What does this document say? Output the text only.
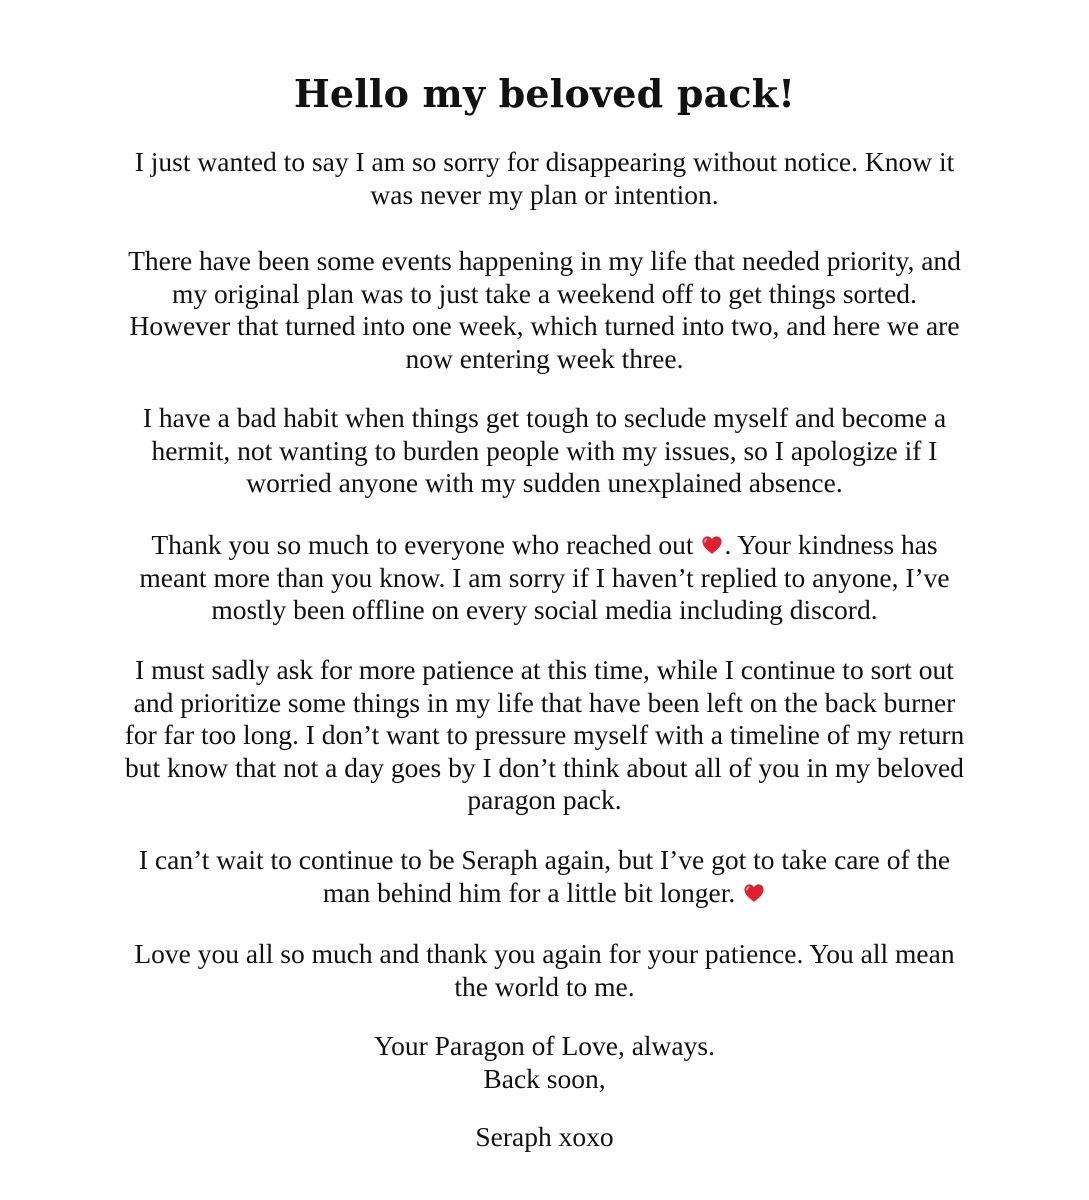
Hello my beloved pack!

I just wanted to say I am so sorry for disappearing without notice. Know it
was never my plan or intention.

There have been some events happening in my life that needed priority, and
my original plan was to just take a weekend off to get things sorted.
However that turned into one week, which turned into two, and here we are
now entering week three.

I have a bad habit when things get tough to seclude myself and become a
hermit, not wanting to burden people with my issues, so I apologize if I
worried anyone with my sudden unexplained absence.

Thank you so much to everyone who reached out
. Your kindness has
meant more than you know. I am sorry if I haven’t replied to anyone, I’ve
mostly been offline on every social media including discord.

I must sadly ask for more patience at this time, while I continue to sort out
and prioritize some things in my life that have been left on the back burner
for far too long. I don’t want to pressure myself with a timeline of my return
but know that not a day goes by I don’t think about all of you in my beloved
paragon pack.

I can’t wait to continue to be Seraph again, but I’ve got to take care of the
man behind him for a little bit longer.

Love you all so much and thank you again for your patience. You all mean
the world to me.

Your Paragon of Love, always.
Back soon,

Seraph xoxo
